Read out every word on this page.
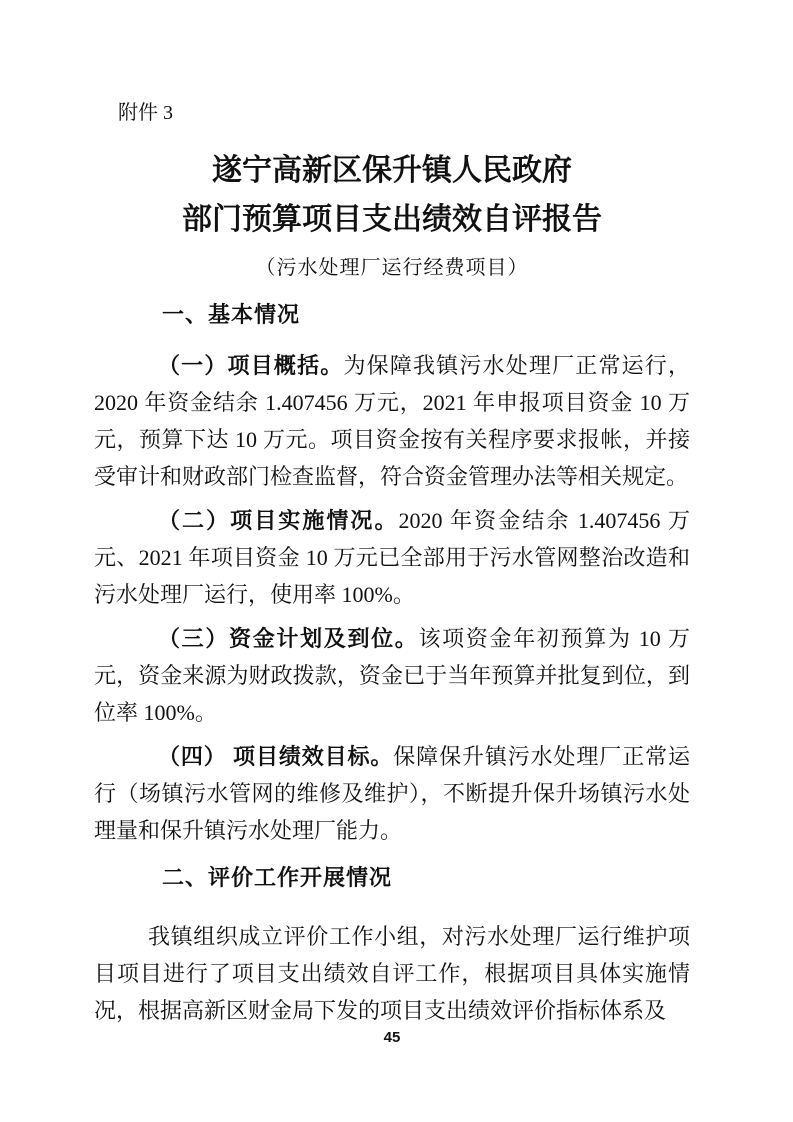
附件 3
遂宁高新区保升镇人民政府
部门预算项目支出绩效自评报告
（污水处理厂运行经费项目）
一、基本情况

（一）项目概括。为保障我镇污水处理厂正常运行，2020 年资金结余 1.407456 万元，2021 年申报项目资金 10 万元，预算下达 10 万元。项目资金按有关程序要求报帐，并接受审计和财政部门检查监督，符合资金管理办法等相关规定。

（二）项目实施情况。2020 年资金结余 1.407456 万元、2021 年项目资金 10 万元已全部用于污水管网整治改造和污水处理厂运行，使用率 100%。

（三）资金计划及到位。该项资金年初预算为 10 万元，资金来源为财政拨款，资金已于当年预算并批复到位，到位率 100%。

（四） 项目绩效目标。保障保升镇污水处理厂正常运行（场镇污水管网的维修及维护），不断提升保升场镇污水处理量和保升镇污水处理厂能力。

二、评价工作开展情况

我镇组织成立评价工作小组，对污水处理厂运行维护项目项目进行了项目支出绩效自评工作，根据项目具体实施情况，根据高新区财金局下发的项目支出绩效评价指标体系及

45
